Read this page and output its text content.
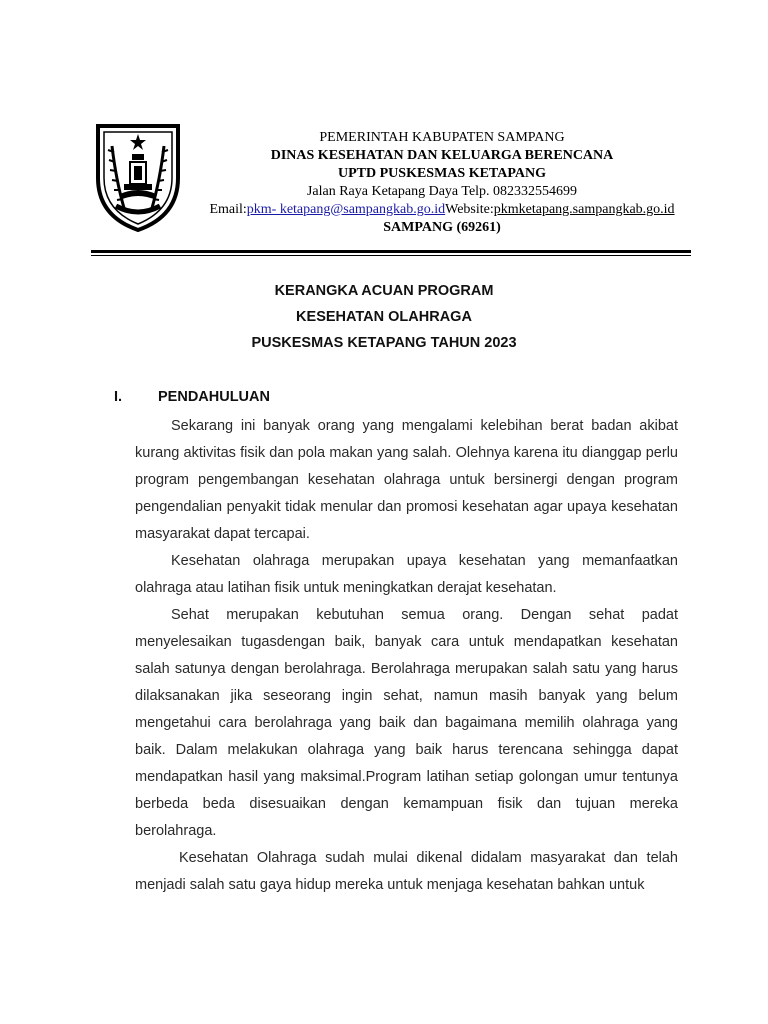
PEMERINTAH KABUPATEN SAMPANG
DINAS KESEHATAN DAN KELUARGA BERENCANA
UPTD PUSKESMAS KETAPANG
Jalan Raya Ketapang Daya Telp. 082332554699
Email:pkm- ketapang@sampangkab.go.idWebsite:pkmketapang.sampangkab.go.id
SAMPANG (69261)
KERANGKA ACUAN PROGRAM
KESEHATAN OLAHRAGA
PUSKESMAS KETAPANG TAHUN 2023
I. PENDAHULUAN

Sekarang ini banyak orang yang mengalami kelebihan berat badan akibat kurang aktivitas fisik dan pola makan yang salah. Olehnya karena itu dianggap perlu program pengembangan kesehatan olahraga untuk bersinergi dengan program pengendalian penyakit tidak menular dan promosi kesehatan agar upaya kesehatan masyarakat dapat tercapai.

Kesehatan olahraga merupakan upaya kesehatan yang memanfaatkan olahraga atau latihan fisik untuk meningkatkan derajat kesehatan.

Sehat merupakan kebutuhan semua orang. Dengan sehat padat menyelesaikan tugasdengan baik, banyak cara untuk mendapatkan kesehatan salah satunya dengan berolahraga. Berolahraga merupakan salah satu yang harus dilaksanakan jika seseorang ingin sehat, namun masih banyak yang belum mengetahui cara berolahraga yang baik dan bagaimana memilih olahraga yang baik. Dalam melakukan olahraga yang baik harus terencana sehingga dapat mendapatkan hasil yang maksimal.Program latihan setiap golongan umur tentunya berbeda beda disesuaikan dengan kemampuan fisik dan tujuan mereka berolahraga.

Kesehatan Olahraga sudah mulai dikenal didalam masyarakat dan telah menjadi salah satu gaya hidup mereka untuk menjaga kesehatan bahkan untuk
